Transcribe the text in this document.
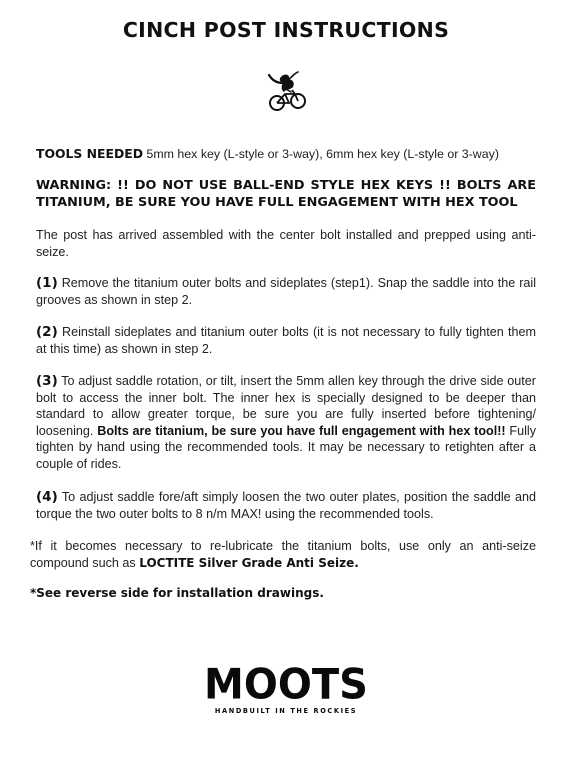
CINCH POST INSTRUCTIONS
TOOLS NEEDED 5mm hex key (L-style or 3-way), 6mm hex key (L-style or 3-way)
WARNING: !! DO NOT USE BALL-END STYLE HEX KEYS !! BOLTS ARE TITANIUM, BE SURE YOU HAVE FULL ENGAGEMENT WITH HEX TOOL
The post has arrived assembled with the center bolt installed and prepped using anti-seize.
(1) Remove the titanium outer bolts and sideplates (step1). Snap the saddle into the rail grooves as shown in step 2.
(2) Reinstall sideplates and titanium outer bolts (it is not necessary to fully tighten them at this time) as shown in step 2.
(3) To adjust saddle rotation, or tilt, insert the 5mm allen key through the drive side outer bolt to access the inner bolt. The inner hex is specially designed to be deeper than standard to allow greater torque, be sure you are fully inserted before tightening/ loosening. Bolts are titanium, be sure you have full engagement with hex tool!! Fully tighten by hand using the recommended tools. It may be necessary to retighten after a couple of rides.
(4) To adjust saddle fore/aft simply loosen the two outer plates, position the saddle and torque the two outer bolts to 8 n/m MAX! using the recommended tools.
*If it becomes necessary to re-lubricate the titanium bolts, use only an anti-seize compound such as LOCTITE Silver Grade Anti Seize.
*See reverse side for installation drawings.
MOOTS
HANDBUILT IN THE ROCKIES
